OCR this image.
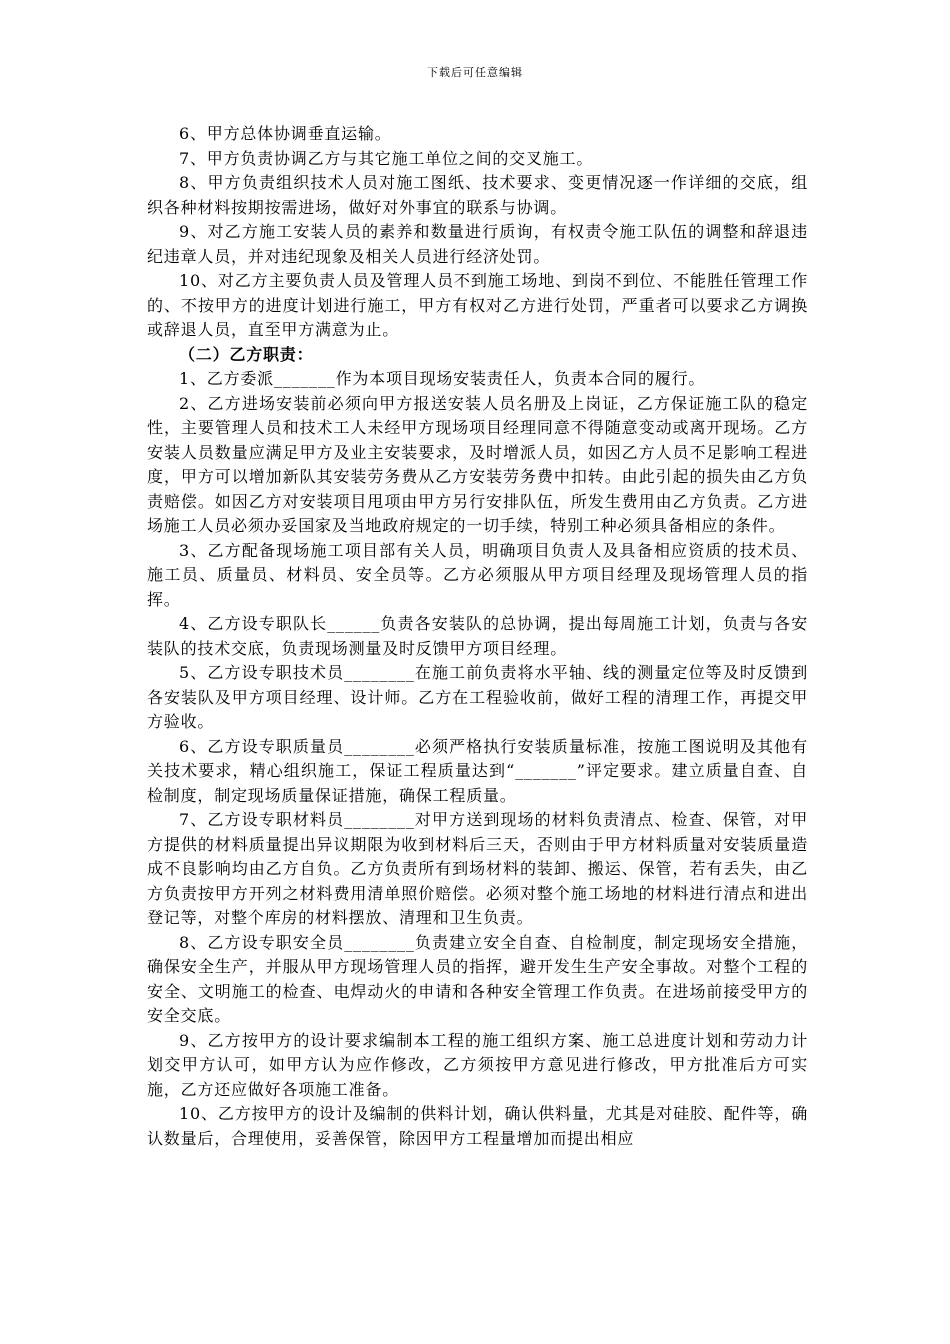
下载后可任意编辑

6、甲方总体协调垂直运输。

7、甲方负责协调乙方与其它施工单位之间的交叉施工。

8、甲方负责组织技术人员对施工图纸、技术要求、变更情况逐一作详细的交底，组织各种材料按期按需进场，做好对外事宜的联系与协调。

9、对乙方施工安装人员的素养和数量进行质询，有权责令施工队伍的调整和辞退违纪违章人员，并对违纪现象及相关人员进行经济处罚。

10、对乙方主要负责人员及管理人员不到施工场地、到岗不到位、不能胜任管理工作的、不按甲方的进度计划进行施工，甲方有权对乙方进行处罚，严重者可以要求乙方调换或辞退人员，直至甲方满意为止。

（二）乙方职责：

1、乙方委派_______作为本项目现场安装责任人，负责本合同的履行。

2、乙方进场安装前必须向甲方报送安装人员名册及上岗证，乙方保证施工队的稳定性，主要管理人员和技术工人未经甲方现场项目经理同意不得随意变动或离开现场。乙方安装人员数量应满足甲方及业主安装要求，及时增派人员，如因乙方人员不足影响工程进度，甲方可以增加新队其安装劳务费从乙方安装劳务费中扣转。由此引起的损失由乙方负责赔偿。如因乙方对安装项目甩项由甲方另行安排队伍，所发生费用由乙方负责。乙方进场施工人员必须办妥国家及当地政府规定的一切手续，特别工种必须具备相应的条件。

3、乙方配备现场施工项目部有关人员，明确项目负责人及具备相应资质的技术员、施工员、质量员、材料员、安全员等。乙方必须服从甲方项目经理及现场管理人员的指挥。

4、乙方设专职队长______负责各安装队的总协调，提出每周施工计划，负责与各安装队的技术交底，负责现场测量及时反馈甲方项目经理。

5、乙方设专职技术员________在施工前负责将水平轴、线的测量定位等及时反馈到各安装队及甲方项目经理、设计师。乙方在工程验收前，做好工程的清理工作，再提交甲方验收。

6、乙方设专职质量员________必须严格执行安装质量标准，按施工图说明及其他有关技术要求，精心组织施工，保证工程质量达到“_______”评定要求。建立质量自查、自检制度，制定现场质量保证措施，确保工程质量。

7、乙方设专职材料员________对甲方送到现场的材料负责清点、检查、保管，对甲方提供的材料质量提出异议期限为收到材料后三天，否则由于甲方材料质量对安装质量造成不良影响均由乙方自负。乙方负责所有到场材料的装卸、搬运、保管，若有丢失，由乙方负责按甲方开列之材料费用清单照价赔偿。必须对整个施工场地的材料进行清点和进出登记等，对整个库房的材料摆放、清理和卫生负责。

8、乙方设专职安全员________负责建立安全自查、自检制度，制定现场安全措施，确保安全生产，并服从甲方现场管理人员的指挥，避开发生生产安全事故。对整个工程的安全、文明施工的检查、电焊动火的申请和各种安全管理工作负责。在进场前接受甲方的安全交底。

9、乙方按甲方的设计要求编制本工程的施工组织方案、施工总进度计划和劳动力计划交甲方认可，如甲方认为应作修改，乙方须按甲方意见进行修改，甲方批准后方可实施，乙方还应做好各项施工准备。

10、乙方按甲方的设计及编制的供料计划，确认供料量，尤其是对硅胶、配件等，确认数量后，合理使用，妥善保管，除因甲方工程量增加而提出相应
